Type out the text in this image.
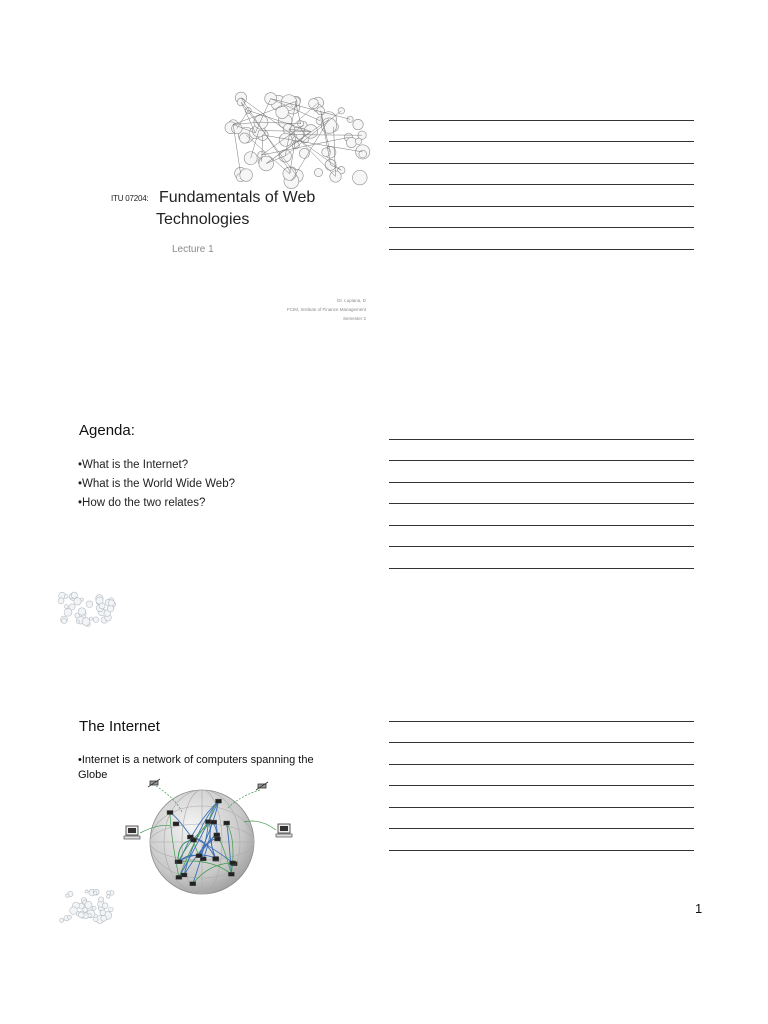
ITU 07204: Fundamentals of Web
Technologies
Lecture 1
Dr. Lupiana, D
FCIM, Institute of Finance Management
Semester 2
Agenda:
•What is the Internet?
•What is the World Wide Web?
•How do the two relates?
The Internet
•Internet is a network of computers spanning the Globe
1
